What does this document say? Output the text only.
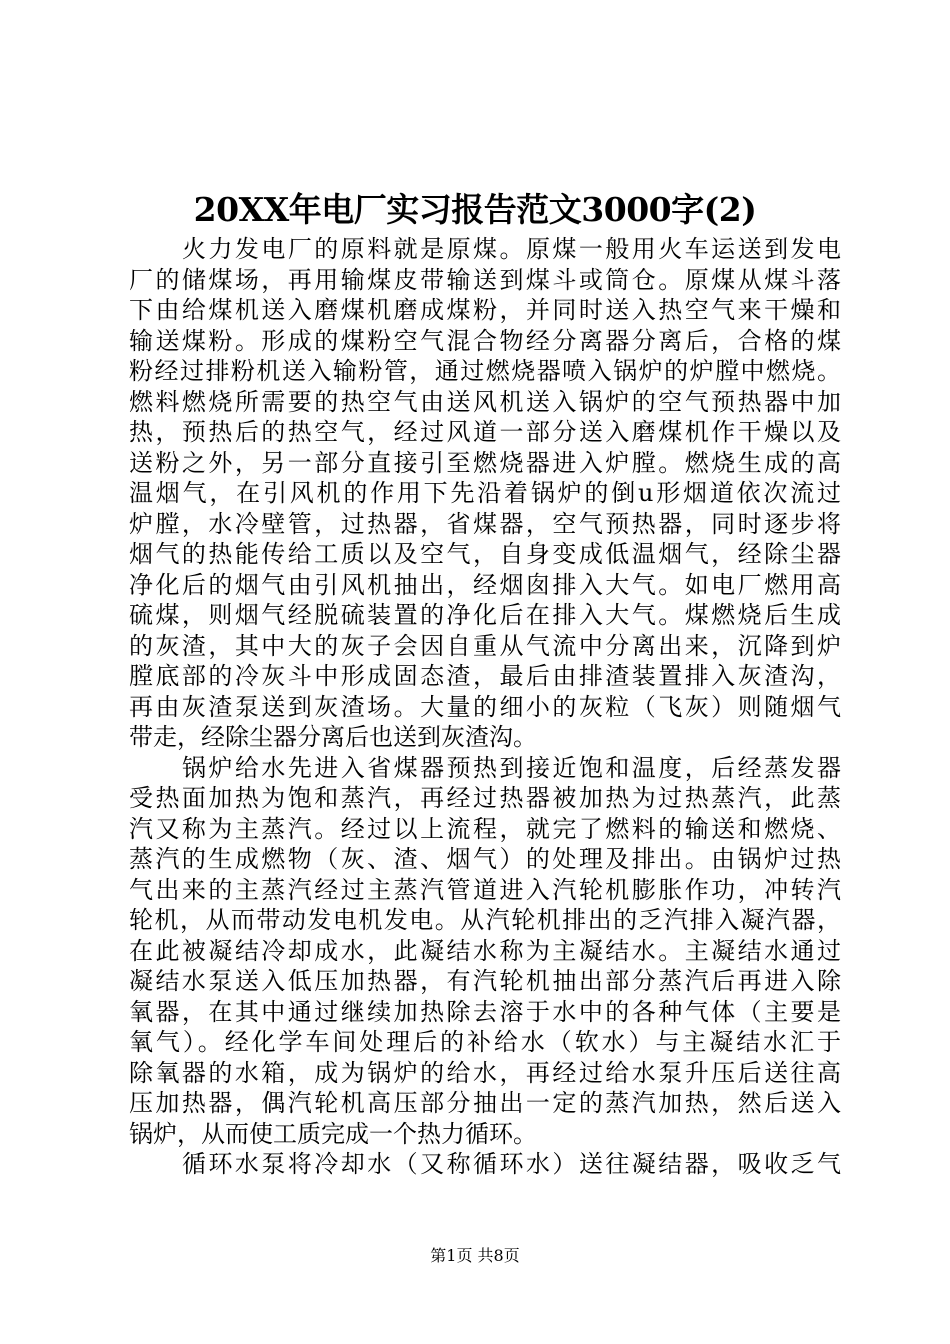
20XX年电厂实习报告范文3000字(2)
火力发电厂的原料就是原煤。原煤一般用火车运送到发电
厂的储煤场，再用输煤皮带输送到煤斗或筒仓。原煤从煤斗落
下由给煤机送入磨煤机磨成煤粉，并同时送入热空气来干燥和
输送煤粉。形成的煤粉空气混合物经分离器分离后，合格的煤
粉经过排粉机送入输粉管，通过燃烧器喷入锅炉的炉膛中燃烧。
燃料燃烧所需要的热空气由送风机送入锅炉的空气预热器中加
热，预热后的热空气，经过风道一部分送入磨煤机作干燥以及
送粉之外，另一部分直接引至燃烧器进入炉膛。燃烧生成的高
温烟气，在引风机的作用下先沿着锅炉的倒u形烟道依次流过
炉膛，水冷壁管，过热器，省煤器，空气预热器，同时逐步将
烟气的热能传给工质以及空气，自身变成低温烟气，经除尘器
净化后的烟气由引风机抽出，经烟囱排入大气。如电厂燃用高
硫煤，则烟气经脱硫装置的净化后在排入大气。煤燃烧后生成
的灰渣，其中大的灰子会因自重从气流中分离出来，沉降到炉
膛底部的冷灰斗中形成固态渣，最后由排渣装置排入灰渣沟，
再由灰渣泵送到灰渣场。大量的细小的灰粒（飞灰）则随烟气
带走，经除尘器分离后也送到灰渣沟。
锅炉给水先进入省煤器预热到接近饱和温度，后经蒸发器
受热面加热为饱和蒸汽，再经过热器被加热为过热蒸汽，此蒸
汽又称为主蒸汽。经过以上流程，就完了燃料的输送和燃烧、
蒸汽的生成燃物（灰、渣、烟气）的处理及排出。由锅炉过热
气出来的主蒸汽经过主蒸汽管道进入汽轮机膨胀作功，冲转汽
轮机，从而带动发电机发电。从汽轮机排出的乏汽排入凝汽器，
在此被凝结冷却成水，此凝结水称为主凝结水。主凝结水通过
凝结水泵送入低压加热器，有汽轮机抽出部分蒸汽后再进入除
氧器，在其中通过继续加热除去溶于水中的各种气体（主要是
氧气）。经化学车间处理后的补给水（软水）与主凝结水汇于
除氧器的水箱，成为锅炉的给水，再经过给水泵升压后送往高
压加热器，偶汽轮机高压部分抽出一定的蒸汽加热，然后送入
锅炉，从而使工质完成一个热力循环。
循环水泵将冷却水（又称循环水）送往凝结器，吸收乏气
第1页 共8页
